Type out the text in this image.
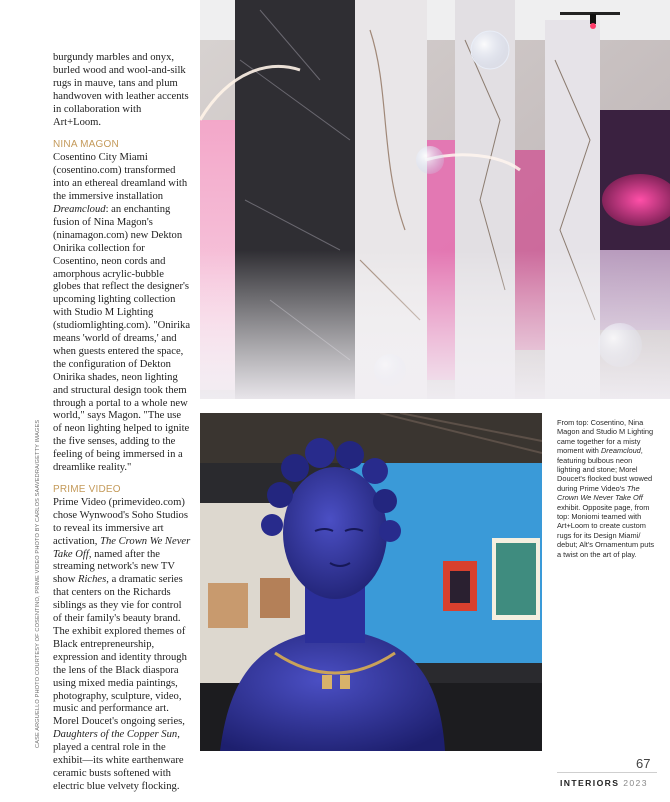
burgundy marbles and onyx, burled wood and wool-and-silk rugs in mauve, tans and plum handwoven with leather accents in collaboration with Art+Loom.

NINA MAGON

Cosentino City Miami (cosentino.com) transformed into an ethereal dreamland with the immersive installation Dreamcloud: an enchanting fusion of Nina Magon's (ninamagon.com) new Dekton Onirika collection for Cosentino, neon cords and amorphous acrylic-bubble globes that reflect the designer's upcoming lighting collection with Studio M Lighting (studiomlighting.com). "Onirika means 'world of dreams,' and when guests entered the space, the configuration of Dekton Onirika shades, neon lighting and structural design took them through a portal to a whole new world," says Magon. "The use of neon lighting helped to ignite the five senses, adding to the feeling of being immersed in a dreamlike reality."

PRIME VIDEO

Prime Video (primevideo.com) chose Wynwood's Soho Studios to reveal its immersive art activation, The Crown We Never Take Off, named after the streaming network's new TV show Riches, a dramatic series that centers on the Richards siblings as they vie for control of their family's beauty brand. The exhibit explored themes of Black entrepreneurship, expression and identity through the lens of the Black diaspora using mixed media paintings, photography, sculpture, video, music and performance art. Morel Doucet's ongoing series, Daughters of the Copper Sun, played a central role in the exhibit—its white earthenware ceramic busts softened with electric blue velvety flocking.

CASE ARGUELLO PHOTO COURTESY OF COSENTINO, PRIME VIDEO PHOTO BY CARLOS SAAVEDRA/GETTY IMAGES	From top: Cosentino, Nina Magon and Studio M Lighting came together for a misty moment with Dreamcloud, featuring bulbous neon lighting and stone; Morel Doucet's flocked bust wowed during Prime Video's The Crown We Never Take Off exhibit. Opposite page, from top: Moniomi teamed with Art+Loom to create custom rugs for its Design Miami/ debut; Alt's Ornamentum puts a twist on the art of play.
67
INTERIORS 2023
